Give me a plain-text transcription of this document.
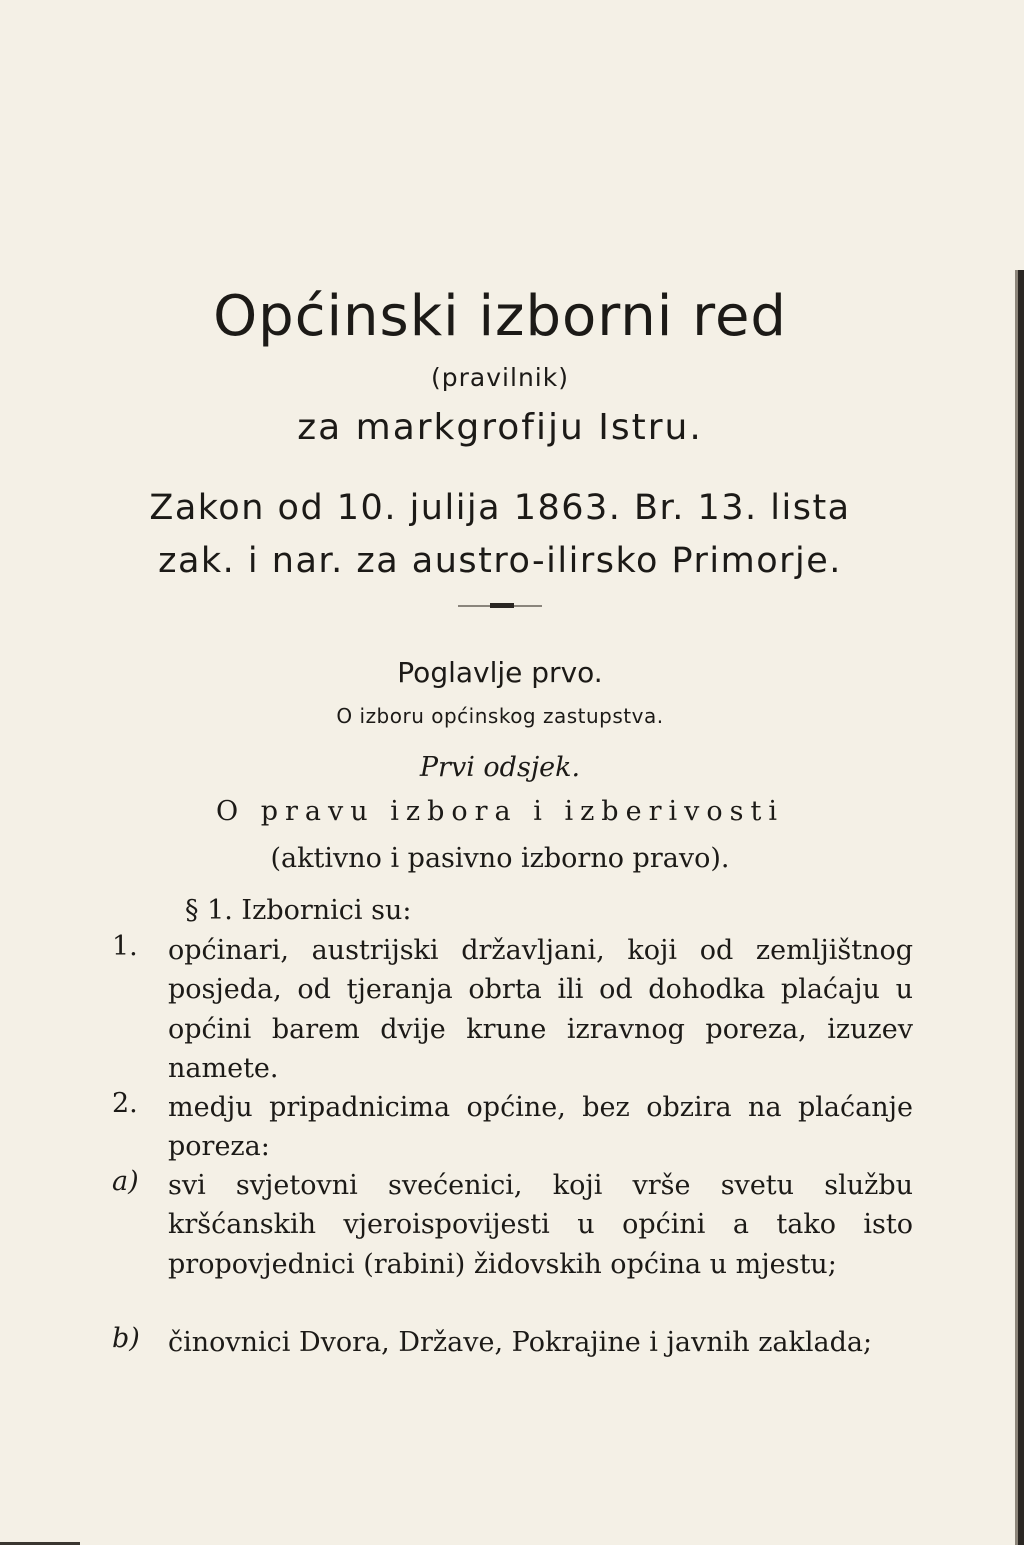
Općinski izborni red
(pravilnik)
za markgrofiju Istru.
Zakon od 10. julija 1863. Br. 13. lista
zak. i nar. za austro-ilirsko Primorje.
Poglavlje prvo.
O izboru općinskog zastupstva.
Prvi odsjek.
O pravu izbora i izberivosti
(aktivno i pasivno izborno pravo).
§ 1. Izbornici su:
1.	općinari, austrijski državljani, koji od zemljištnog posjeda, od tjeranja obrta ili od dohodka plaćaju u općini barem dvije krune izravnog poreza, izuzev namete.
2.	medju pripadnicima općine, bez obzira na plaćanje poreza:
a)	svi svjetovni svećenici, koji vrše svetu službu kršćanskih vjeroispovijesti u općini a tako isto propovjednici (rabini) židovskih općina u mjestu;
b)	činovnici Dvora, Države, Pokrajine i javnih zaklada;
